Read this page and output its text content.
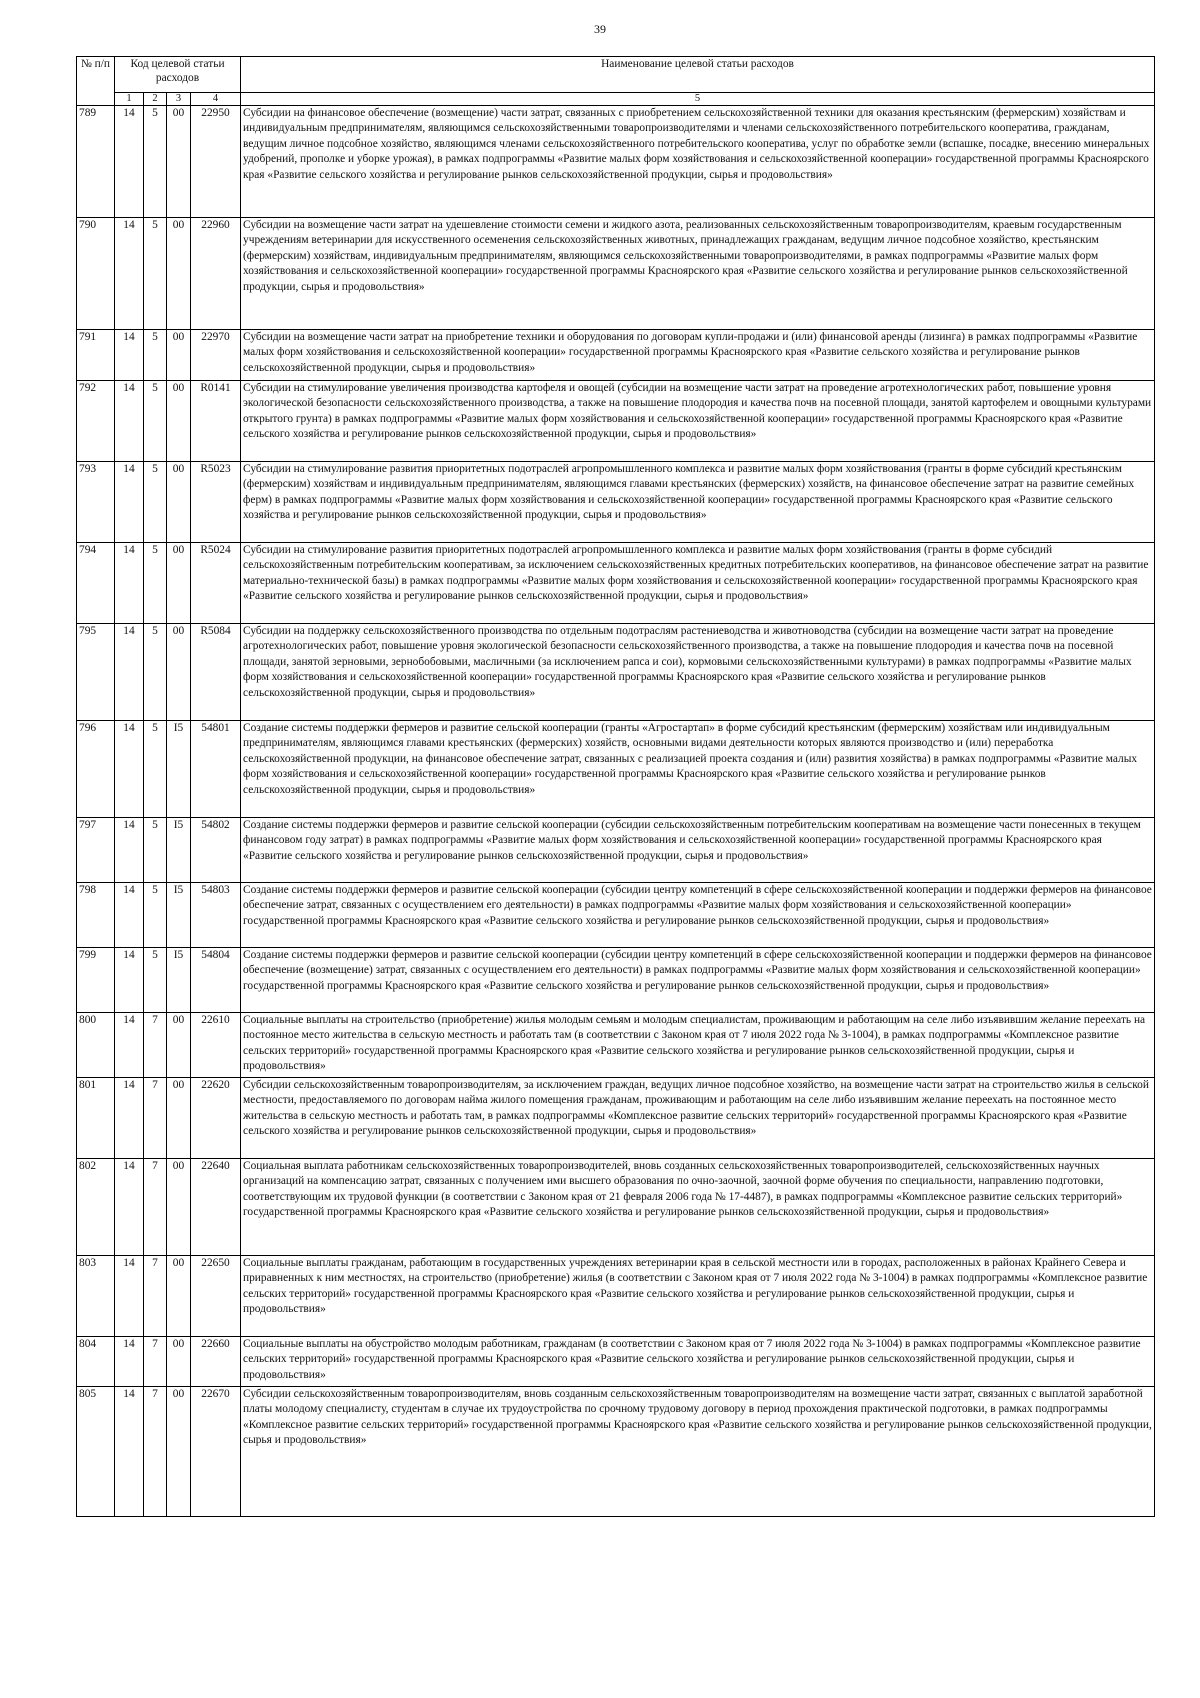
39
№ п/п	Код целевой статьи расходов				Наименование целевой статьи расходов
	1	2	3	4	5
789	14	5	00	22950	Субсидии на финансовое обеспечение (возмещение) части затрат, связанных с приобретением сельскохозяйственной техники для оказания крестьянским (фермерским) хозяйствам и индивидуальным предпринимателям, являющимся сельскохозяйственными товаропроизводителями и членами сельскохозяйственного потребительского кооператива, гражданам, ведущим личное подсобное хозяйство, являющимся членами сельскохозяйственного потребительского кооператива, услуг по обработке земли (вспашке, посадке, внесению минеральных удобрений, прополке и уборке урожая), в рамках подпрограммы «Развитие малых форм хозяйствования и сельскохозяйственной кооперации» государственной программы Красноярского края «Развитие сельского хозяйства и регулирование рынков сельскохозяйственной продукции, сырья и продовольствия»
790	14	5	00	22960	Субсидии на возмещение части затрат на удешевление стоимости семени и жидкого азота, реализованных сельскохозяйственным товаропроизводителям, краевым государственным учреждениям ветеринарии для искусственного осеменения сельскохозяйственных животных, принадлежащих гражданам, ведущим личное подсобное хозяйство, крестьянским (фермерским) хозяйствам, индивидуальным предпринимателям, являющимся сельскохозяйственными товаропроизводителями, в рамках подпрограммы «Развитие малых форм хозяйствования и сельскохозяйственной кооперации» государственной программы Красноярского края «Развитие сельского хозяйства и регулирование рынков сельскохозяйственной продукции, сырья и продовольствия»
791	14	5	00	22970	Субсидии на возмещение части затрат на приобретение техники и оборудования по договорам купли-продажи и (или) финансовой аренды (лизинга) в рамках подпрограммы «Развитие малых форм хозяйствования и сельскохозяйственной кооперации» государственной программы Красноярского края «Развитие сельского хозяйства и регулирование рынков сельскохозяйственной продукции, сырья и продовольствия»
792	14	5	00	R0141	Субсидии на стимулирование увеличения производства картофеля и овощей (субсидии на возмещение части затрат на проведение агротехнологических работ, повышение уровня экологической безопасности сельскохозяйственного производства, а также на повышение плодородия и качества почв на посевной площади, занятой картофелем и овощными культурами открытого грунта) в рамках подпрограммы «Развитие малых форм хозяйствования и сельскохозяйственной кооперации» государственной программы Красноярского края «Развитие сельского хозяйства и регулирование рынков сельскохозяйственной продукции, сырья и продовольствия»
793	14	5	00	R5023	Субсидии на стимулирование развития приоритетных подотраслей агропромышленного комплекса и развитие малых форм хозяйствования (гранты в форме субсидий крестьянским (фермерским) хозяйствам и индивидуальным предпринимателям, являющимся главами крестьянских (фермерских) хозяйств, на финансовое обеспечение затрат на развитие семейных ферм) в рамках подпрограммы «Развитие малых форм хозяйствования и сельскохозяйственной кооперации» государственной программы Красноярского края «Развитие сельского хозяйства и регулирование рынков сельскохозяйственной продукции, сырья и продовольствия»
794	14	5	00	R5024	Субсидии на стимулирование развития приоритетных подотраслей агропромышленного комплекса и развитие малых форм хозяйствования (гранты в форме субсидий сельскохозяйственным потребительским кооперативам, за исключением сельскохозяйственных кредитных потребительских кооперативов, на финансовое обеспечение затрат на развитие материально-технической базы) в рамках подпрограммы «Развитие малых форм хозяйствования и сельскохозяйственной кооперации» государственной программы Красноярского края «Развитие сельского хозяйства и регулирование рынков сельскохозяйственной продукции, сырья и продовольствия»
795	14	5	00	R5084	Субсидии на поддержку сельскохозяйственного производства по отдельным подотраслям растениеводства и животноводства (субсидии на возмещение части затрат на проведение агротехнологических работ, повышение уровня экологической безопасности сельскохозяйственного производства, а также на повышение плодородия и качества почв на посевной площади, занятой зерновыми, зернобобовыми, масличными (за исключением рапса и сои), кормовыми сельскохозяйственными культурами) в рамках подпрограммы «Развитие малых форм хозяйствования и сельскохозяйственной кооперации» государственной программы Красноярского края «Развитие сельского хозяйства и регулирование рынков сельскохозяйственной продукции, сырья и продовольствия»
796	14	5	I5	54801	Создание системы поддержки фермеров и развитие сельской кооперации (гранты «Агростартап» в форме субсидий крестьянским (фермерским) хозяйствам или индивидуальным предпринимателям, являющимся главами крестьянских (фермерских) хозяйств, основными видами деятельности которых являются производство и (или) переработка сельскохозяйственной продукции, на финансовое обеспечение затрат, связанных с реализацией проекта создания и (или) развития хозяйства) в рамках подпрограммы «Развитие малых форм хозяйствования и сельскохозяйственной кооперации» государственной программы Красноярского края «Развитие сельского хозяйства и регулирование рынков сельскохозяйственной продукции, сырья и продовольствия»
797	14	5	I5	54802	Создание системы поддержки фермеров и развитие сельской кооперации (субсидии сельскохозяйственным потребительским кооперативам на возмещение части понесенных в текущем финансовом году затрат) в рамках подпрограммы «Развитие малых форм хозяйствования и сельскохозяйственной кооперации» государственной программы Красноярского края «Развитие сельского хозяйства и регулирование рынков сельскохозяйственной продукции, сырья и продовольствия»
798	14	5	I5	54803	Создание системы поддержки фермеров и развитие сельской кооперации (субсидии центру компетенций в сфере сельскохозяйственной кооперации и поддержки фермеров на финансовое обеспечение затрат, связанных с осуществлением его деятельности) в рамках подпрограммы «Развитие малых форм хозяйствования и сельскохозяйственной кооперации» государственной программы Красноярского края «Развитие сельского хозяйства и регулирование рынков сельскохозяйственной продукции, сырья и продовольствия»
799	14	5	I5	54804	Создание системы поддержки фермеров и развитие сельской кооперации (субсидии центру компетенций в сфере сельскохозяйственной кооперации и поддержки фермеров на финансовое обеспечение (возмещение) затрат, связанных с осуществлением его деятельности) в рамках подпрограммы «Развитие малых форм хозяйствования и сельскохозяйственной кооперации» государственной программы Красноярского края «Развитие сельского хозяйства и регулирование рынков сельскохозяйственной продукции, сырья и продовольствия»
800	14	7	00	22610	Социальные выплаты на строительство (приобретение) жилья молодым семьям и молодым специалистам, проживающим и работающим на селе либо изъявившим желание переехать на постоянное место жительства в сельскую местность и работать там (в соответствии с Законом края от 7 июля 2022 года № 3-1004), в рамках подпрограммы «Комплексное развитие сельских территорий» государственной программы Красноярского края «Развитие сельского хозяйства и регулирование рынков сельскохозяйственной продукции, сырья и продовольствия»
801	14	7	00	22620	Субсидии сельскохозяйственным товаропроизводителям, за исключением граждан, ведущих личное подсобное хозяйство, на возмещение части затрат на строительство жилья в сельской местности, предоставляемого по договорам найма жилого помещения гражданам, проживающим и работающим на селе либо изъявившим желание переехать на постоянное место жительства в сельскую местность и работать там, в рамках подпрограммы «Комплексное развитие сельских территорий» государственной программы Красноярского края «Развитие сельского хозяйства и регулирование рынков сельскохозяйственной продукции, сырья и продовольствия»
802	14	7	00	22640	Социальная выплата работникам сельскохозяйственных товаропроизводителей, вновь созданных сельскохозяйственных товаропроизводителей, сельскохозяйственных научных организаций на компенсацию затрат, связанных с получением ими высшего образования по очно-заочной, заочной форме обучения по специальности, направлению подготовки, соответствующим их трудовой функции (в соответствии с Законом края от 21 февраля 2006 года № 17-4487), в рамках подпрограммы «Комплексное развитие сельских территорий» государственной программы Красноярского края «Развитие сельского хозяйства и регулирование рынков сельскохозяйственной продукции, сырья и продовольствия»
803	14	7	00	22650	Социальные выплаты гражданам, работающим в государственных учреждениях ветеринарии края в сельской местности или в городах, расположенных в районах Крайнего Севера и приравненных к ним местностях, на строительство (приобретение) жилья (в соответствии с Законом края от 7 июля 2022 года № 3-1004) в рамках подпрограммы «Комплексное развитие сельских территорий» государственной программы Красноярского края «Развитие сельского хозяйства и регулирование рынков сельскохозяйственной продукции, сырья и продовольствия»
804	14	7	00	22660	Социальные выплаты на обустройство молодым работникам, гражданам (в соответствии с Законом края от 7 июля 2022 года № 3-1004) в рамках подпрограммы «Комплексное развитие сельских территорий» государственной программы Красноярского края «Развитие сельского хозяйства и регулирование рынков сельскохозяйственной продукции, сырья и продовольствия»
805	14	7	00	22670	Субсидии сельскохозяйственным товаропроизводителям, вновь созданным сельскохозяйственным товаропроизводителям на возмещение части затрат, связанных с выплатой заработной платы молодому специалисту, студентам в случае их трудоустройства по срочному трудовому договору в период прохождения практической подготовки, в рамках подпрограммы «Комплексное развитие сельских территорий» государственной программы Красноярского края «Развитие сельского хозяйства и регулирование рынков сельскохозяйственной продукции, сырья и продовольствия»
